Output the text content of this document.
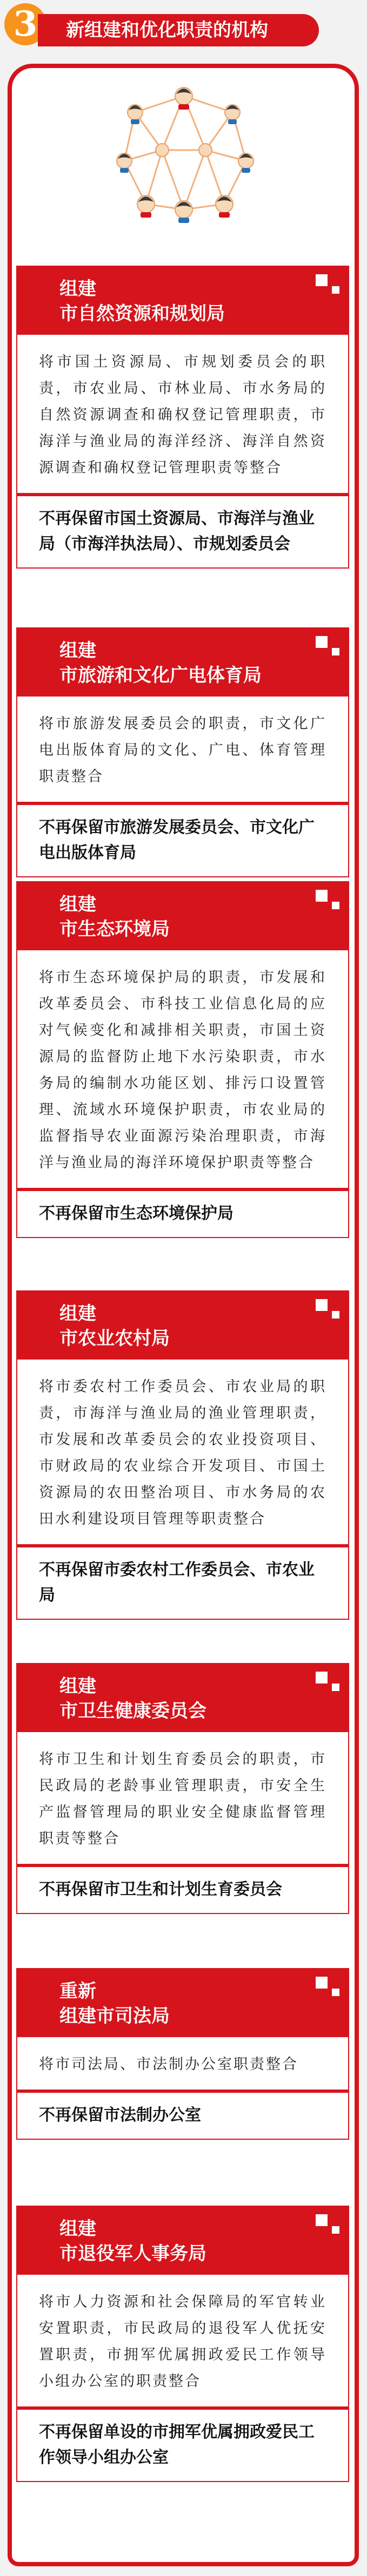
3	新组建和优化职责的机构
组建
市自然资源和规划局
将市国土资源局、市规划委员会的职责，市农业局、市林业局、市水务局的自然资源调查和确权登记管理职责，市海洋与渔业局的海洋经济、海洋自然资源调查和确权登记管理职责等整合
不再保留市国土资源局、市海洋与渔业局（市海洋执法局）、市规划委员会
组建
市旅游和文化广电体育局
将市旅游发展委员会的职责，市文化广电出版体育局的文化、广电、体育管理职责整合
不再保留市旅游发展委员会、市文化广电出版体育局
组建
市生态环境局
将市生态环境保护局的职责，市发展和改革委员会、市科技工业信息化局的应对气候变化和减排相关职责，市国土资源局的监督防止地下水污染职责，市水务局的编制水功能区划、排污口设置管理、流域水环境保护职责，市农业局的监督指导农业面源污染治理职责，市海洋与渔业局的海洋环境保护职责等整合
不再保留市生态环境保护局
组建
市农业农村局
将市委农村工作委员会、市农业局的职责，市海洋与渔业局的渔业管理职责，市发展和改革委员会的农业投资项目、市财政局的农业综合开发项目、市国土资源局的农田整治项目、市水务局的农田水利建设项目管理等职责整合
不再保留市委农村工作委员会、市农业局
组建
市卫生健康委员会
将市卫生和计划生育委员会的职责，市民政局的老龄事业管理职责，市安全生产监督管理局的职业安全健康监督管理职责等整合
不再保留市卫生和计划生育委员会
重新
组建市司法局
将市司法局、市法制办公室职责整合
不再保留市法制办公室
组建
市退役军人事务局
将市人力资源和社会保障局的军官转业安置职责，市民政局的退役军人优抚安置职责，市拥军优属拥政爱民工作领导小组办公室的职责整合
不再保留单设的市拥军优属拥政爱民工作领导小组办公室
